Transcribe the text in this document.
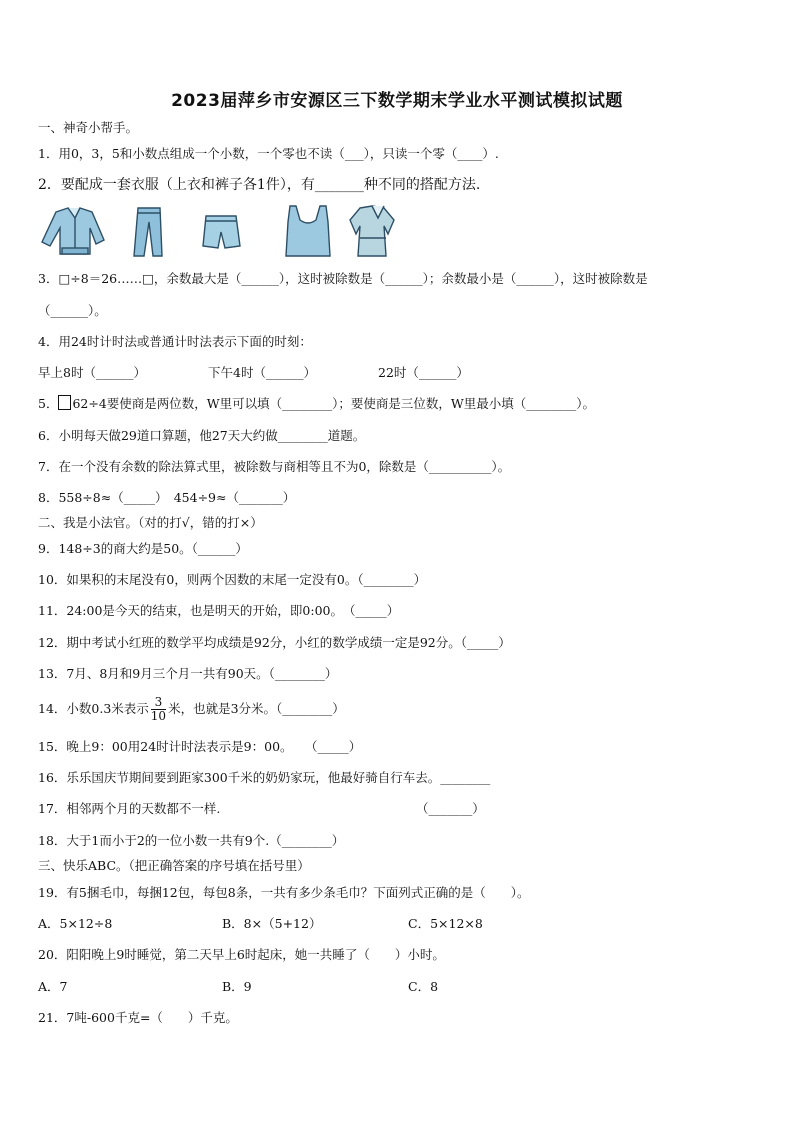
2023届萍乡市安源区三下数学期末学业水平测试模拟试题
一、神奇小帮手。
1．用0，3，5和小数点组成一个小数，一个零也不读（___），只读一个零（____）.
2．要配成一套衣服（上衣和裤子各1件），有_______种不同的搭配方法.
3．□÷8＝26……□，余数最大是（______），这时被除数是（______）；余数最小是（______），这时被除数是
（______）。
4．用24时计时法或普通计时法表示下面的时刻：
早上8时（______）	下午4时（______）	22时（______）
5． 62÷4要使商是两位数，W里可以填（________）；要使商是三位数，W里最小填（________）。
6．小明每天做29道口算题，他27天大约做________道题。
7．在一个没有余数的除法算式里，被除数与商相等且不为0，除数是（__________）。
8．558÷8≈（_____）　454÷9≈（_______）
二、我是小法官。（对的打√，错的打×）
9．148÷3的商大约是50。（______）
10．如果积的末尾没有0，则两个因数的末尾一定没有0。（________）
11．24:00是今天的结束，也是明天的开始，即0:00。　（_____）
12．期中考试小红班的数学平均成绩是92分，小红的数学成绩一定是92分。（_____）
13．7月、8月和9月三个月一共有90天。（________）
14．小数0.3米表示 $\frac{3}{10}$ 米，也就是3分米。（________）
15．晚上9：00用24时计时法表示是9：00。　　（_____）
16．乐乐国庆节期间要到距家300千米的奶奶家玩，他最好骑自行车去。________
17．相邻两个月的天数都不一样.	（_______）
18．大于1而小于2的一位小数一共有9个.（________）
三、快乐ABC。（把正确答案的序号填在括号里）
19．有5捆毛巾，每捆12包，每包8条，一共有多少条毛巾？下面列式正确的是（　　）。
A．5×12÷8	B．8×（5+12）	C．5×12×8
20．阳阳晚上9时睡觉，第二天早上6时起床，她一共睡了（　　）小时。
A．7	B．9	C．8
21．7吨-600千克=（　　）千克。
